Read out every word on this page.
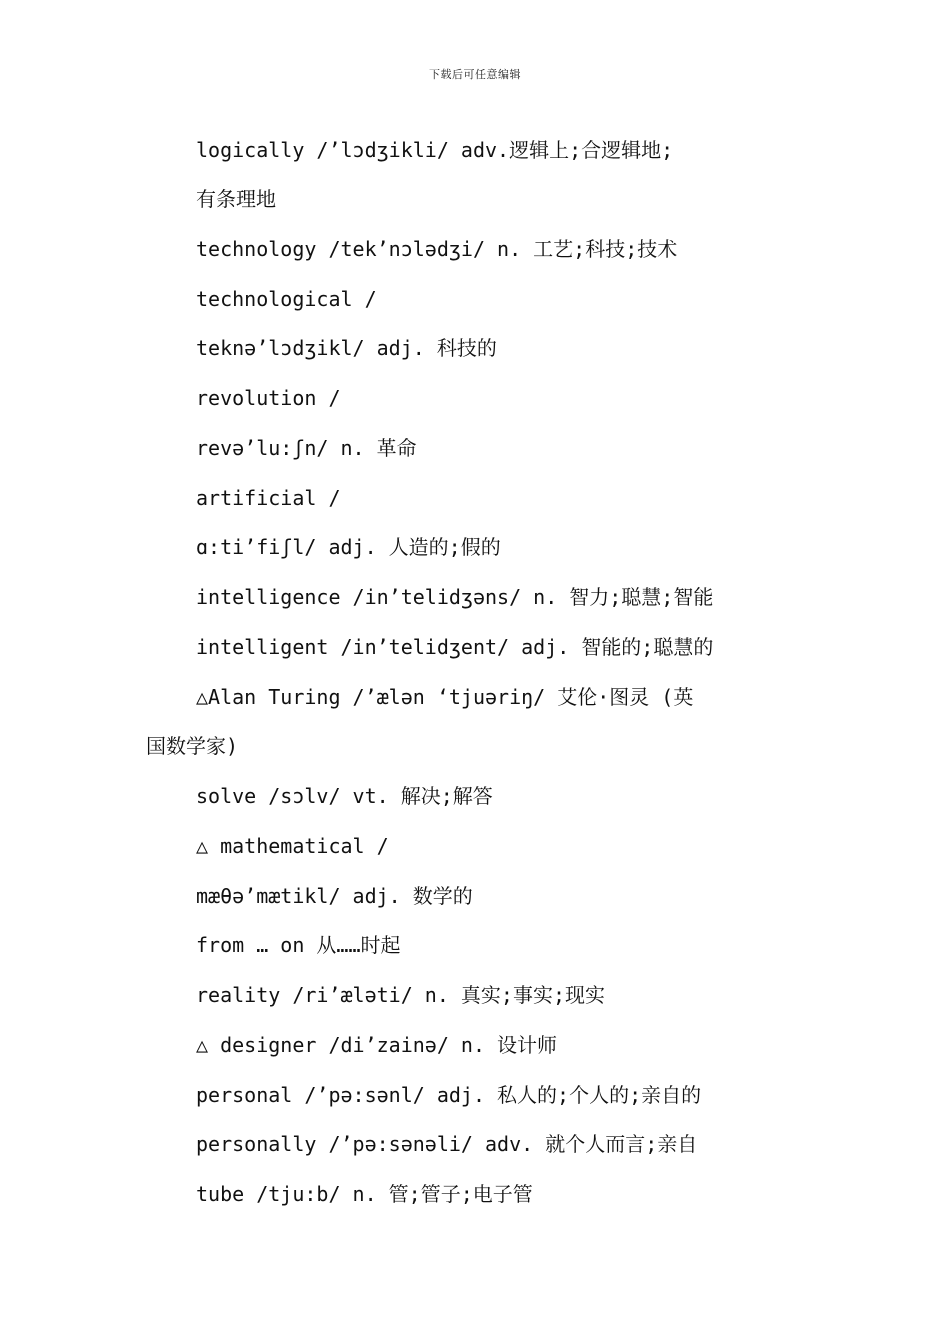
下载后可任意编辑
logically /’lɔdʒikli/ adv.逻辑上;合逻辑地;
有条理地
technology /tek’nɔlədʒi/ n. 工艺;科技;技术
technological /
teknə’lɔdʒikl/ adj. 科技的
revolution /
revə’lu:ʃn/ n. 革命
artificial /
ɑ:ti’fiʃl/ adj. 人造的;假的
intelligence /in’telidʒəns/ n. 智力;聪慧;智能
intelligent /in’telidʒent/ adj. 智能的;聪慧的
△Alan Turing /’ælən ‘tjuəriŋ/ 艾伦·图灵 (英
国数学家)
solve /sɔlv/ vt. 解决;解答
△ mathematical /
mæθə’mætikl/ adj. 数学的
from … on 从……时起
reality /ri’æləti/ n. 真实;事实;现实
△ designer /di’zainə/ n. 设计师
personal /’pə:sənl/ adj. 私人的;个人的;亲自的
personally /’pə:sənəli/ adv. 就个人而言;亲自
tube /tju:b/ n. 管;管子;电子管
